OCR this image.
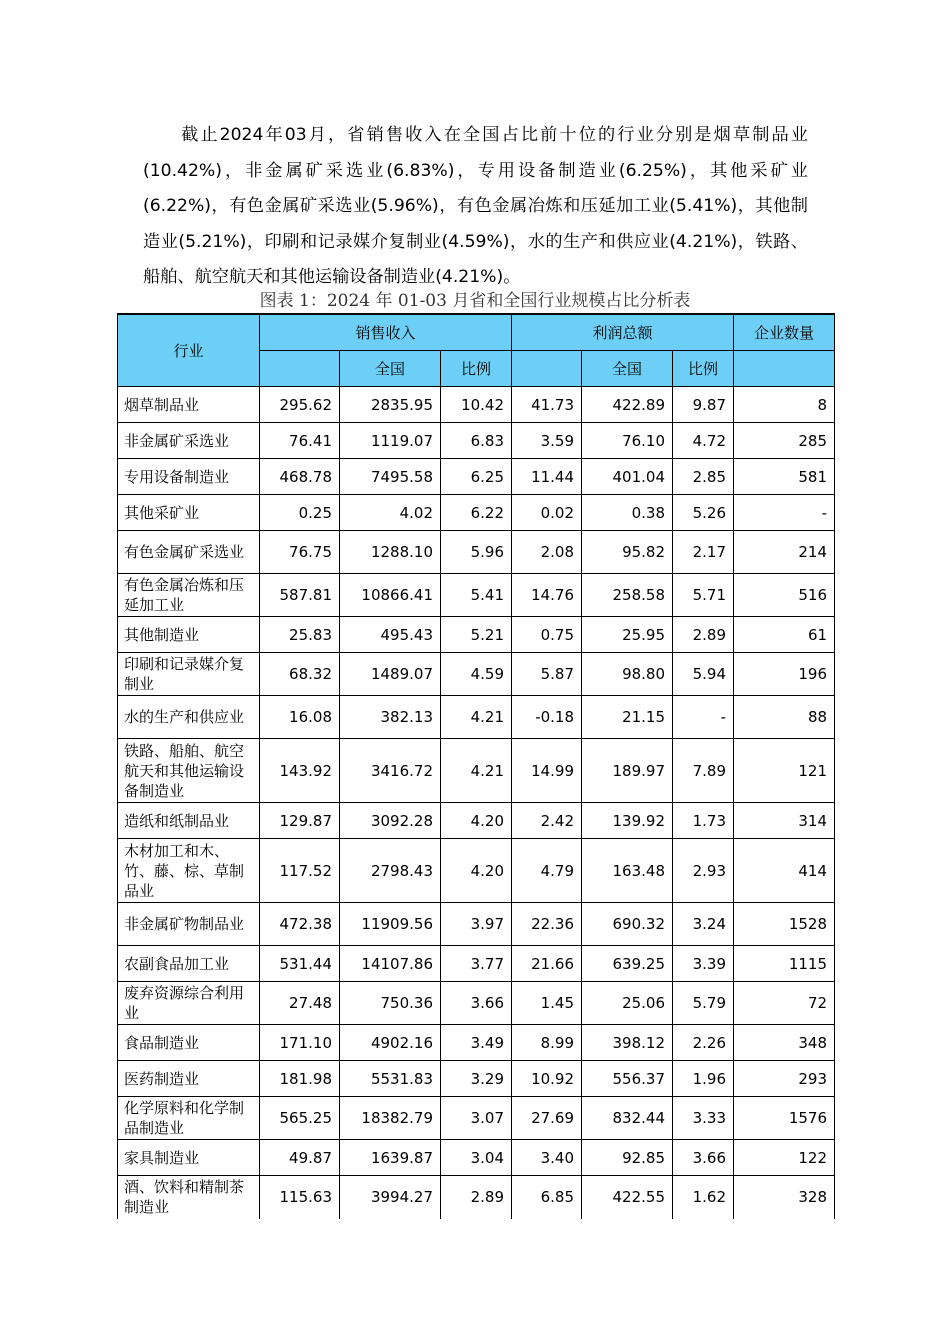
截止2024年03月，省销售收入在全国占比前十位的行业分别是烟草制品业(10.42%)，非金属矿采选业(6.83%)，专用设备制造业(6.25%)，其他采矿业(6.22%)，有色金属矿采选业(5.96%)，有色金属冶炼和压延加工业(5.41%)，其他制造业(5.21%)，印刷和记录媒介复制业(4.59%)，水的生产和供应业(4.21%)，铁路、船舶、航空航天和其他运输设备制造业(4.21%)。

图表 1：2024 年 01-03 月省和全国行业规模占比分析表

行业	销售收入			利润总额			企业数量
		全国	比例		全国	比例	
烟草制品业	295.62	2835.95	10.42	41.73	422.89	9.87	8
非金属矿采选业	76.41	1119.07	6.83	3.59	76.10	4.72	285
专用设备制造业	468.78	7495.58	6.25	11.44	401.04	2.85	581
其他采矿业	0.25	4.02	6.22	0.02	0.38	5.26	-
有色金属矿采选业	76.75	1288.10	5.96	2.08	95.82	2.17	214
有色金属冶炼和压延加工业	587.81	10866.41	5.41	14.76	258.58	5.71	516
其他制造业	25.83	495.43	5.21	0.75	25.95	2.89	61
印刷和记录媒介复制业	68.32	1489.07	4.59	5.87	98.80	5.94	196
水的生产和供应业	16.08	382.13	4.21	-0.18	21.15	-	88
铁路、船舶、航空航天和其他运输设备制造业	143.92	3416.72	4.21	14.99	189.97	7.89	121
造纸和纸制品业	129.87	3092.28	4.20	2.42	139.92	1.73	314
木材加工和木、竹、藤、棕、草制品业	117.52	2798.43	4.20	4.79	163.48	2.93	414
非金属矿物制品业	472.38	11909.56	3.97	22.36	690.32	3.24	1528
农副食品加工业	531.44	14107.86	3.77	21.66	639.25	3.39	1115
废弃资源综合利用业	27.48	750.36	3.66	1.45	25.06	5.79	72
食品制造业	171.10	4902.16	3.49	8.99	398.12	2.26	348
医药制造业	181.98	5531.83	3.29	10.92	556.37	1.96	293
化学原料和化学制品制造业	565.25	18382.79	3.07	27.69	832.44	3.33	1576
家具制造业	49.87	1639.87	3.04	3.40	92.85	3.66	122
酒、饮料和精制茶制造业	115.63	3994.27	2.89	6.85	422.55	1.62	328
